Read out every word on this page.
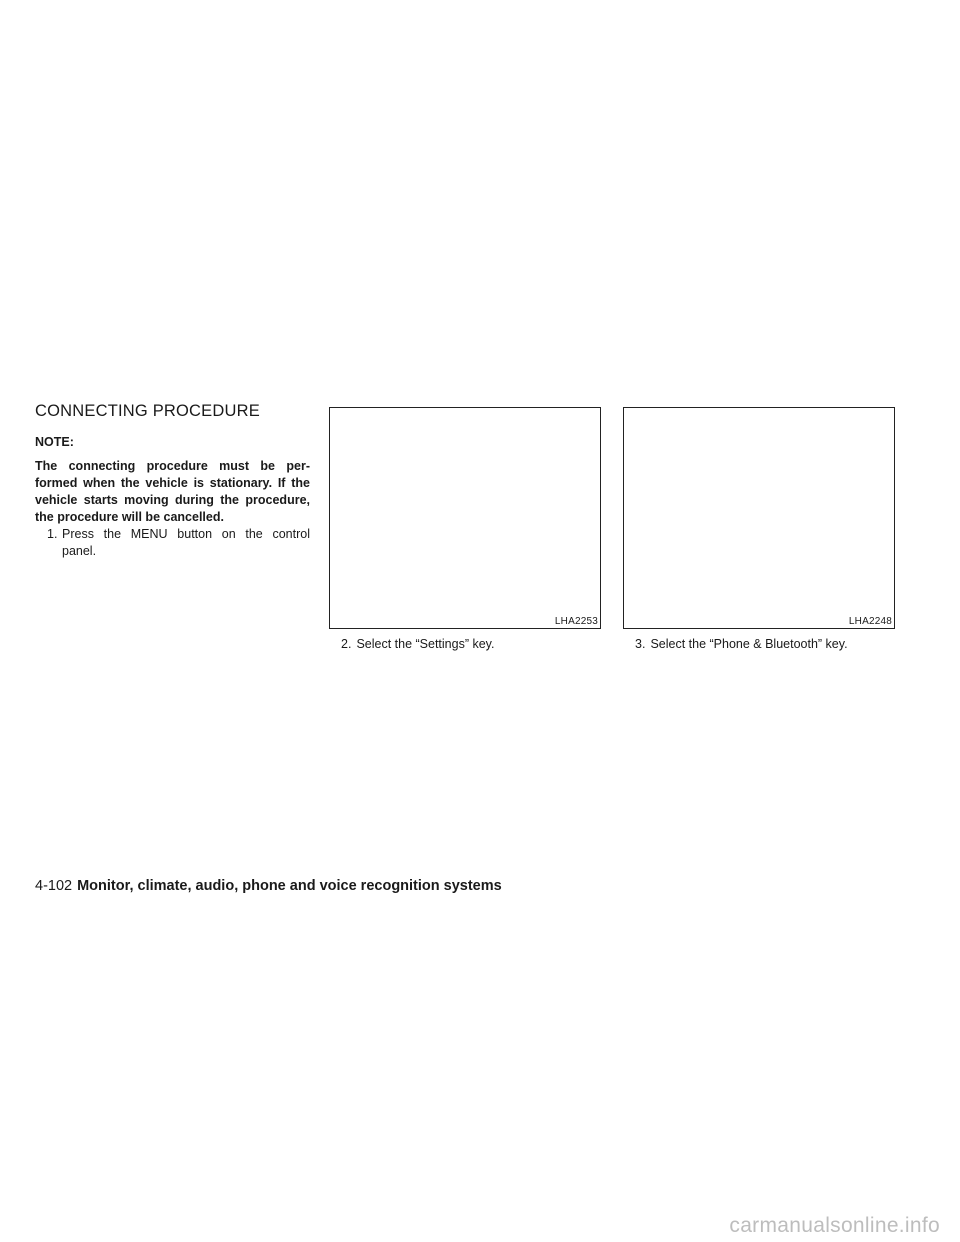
CONNECTING PROCEDURE

NOTE:

The connecting procedure must be per-formed when the vehicle is stationary. If the vehicle starts moving during the procedure, the procedure will be cancelled.

1. Press the MENU button on the control panel.

LHA2253
2. Select the “Settings” key.
LHA2248
3. Select the “Phone & Bluetooth” key.
4-102 Monitor, climate, audio, phone and voice recognition systems
carmanualsonline.info
